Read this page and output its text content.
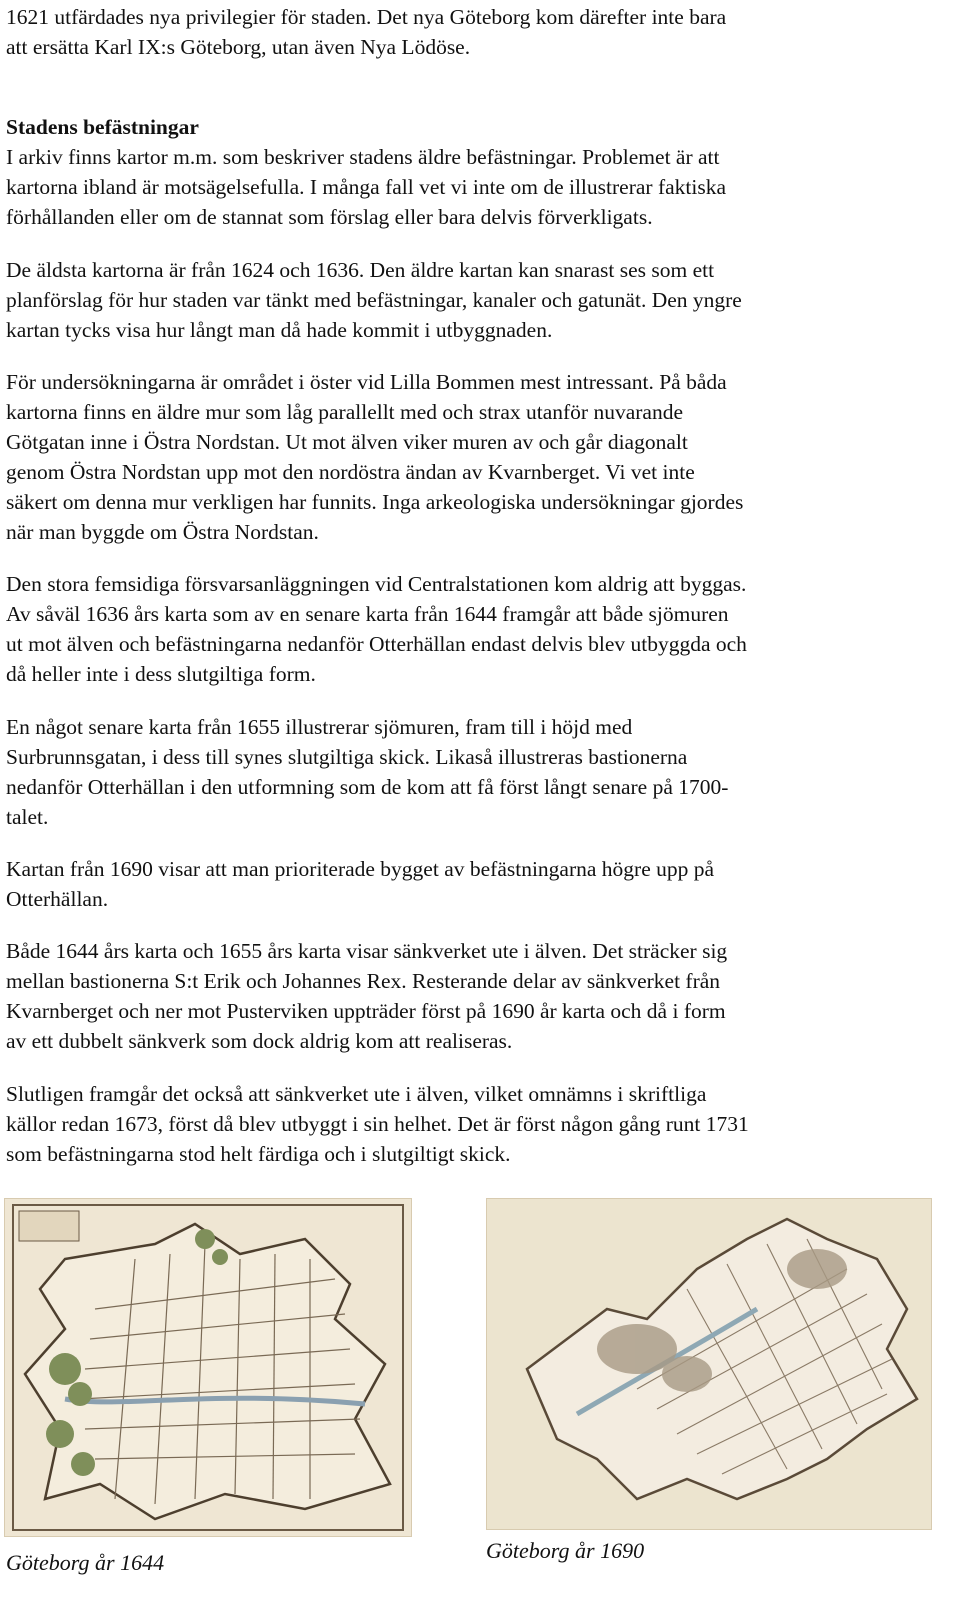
1621 utfärdades nya privilegier för staden. Det nya Göteborg kom därefter inte bara
att ersätta Karl IX:s Göteborg, utan även Nya Lödöse.
Stadens befästningar
I arkiv finns kartor m.m. som beskriver stadens äldre befästningar. Problemet är att
kartorna ibland är motsägelsefulla. I många fall vet vi inte om de illustrerar faktiska
förhållanden eller om de stannat som förslag eller bara delvis förverkligats.
De äldsta kartorna är från 1624 och 1636. Den äldre kartan kan snarast ses som ett
planförslag för hur staden var tänkt med befästningar, kanaler och gatunät. Den yngre
kartan tycks visa hur långt man då hade kommit i utbyggnaden.
För undersökningarna är området i öster vid Lilla Bommen mest intressant. På båda
kartorna finns en äldre mur som låg parallellt med och strax utanför nuvarande
Götgatan inne i Östra Nordstan. Ut mot älven viker muren av och går diagonalt
genom Östra Nordstan upp mot den nordöstra ändan av Kvarnberget. Vi vet inte
säkert om denna mur verkligen har funnits. Inga arkeologiska undersökningar gjordes
när man byggde om Östra Nordstan.
Den stora femsidiga försvarsanläggningen vid Centralstationen kom aldrig att byggas.
Av såväl 1636 års karta som av en senare karta från 1644 framgår att både sjömuren
ut mot älven och befästningarna nedanför Otterhällan endast delvis blev utbyggda och
då heller inte i dess slutgiltiga form.
En något senare karta från 1655 illustrerar sjömuren, fram till i höjd med
Surbrunnsgatan, i dess till synes slutgiltiga skick. Likaså illustreras bastionerna
nedanför Otterhällan i den utformning som de kom att få först långt senare på 1700-
talet.
Kartan från 1690 visar att man prioriterade bygget av befästningarna högre upp på
Otterhällan.
Både 1644 års karta och 1655 års karta visar sänkverket ute i älven. Det sträcker sig
mellan bastionerna S:t Erik och Johannes Rex. Resterande delar av sänkverket från
Kvarnberget och ner mot Pusterviken uppträder först på 1690 år karta och då i form
av ett dubbelt sänkverk som dock aldrig kom att realiseras.
Slutligen framgår det också att sänkverket ute i älven, vilket omnämns i skriftliga
källor redan 1673, först då blev utbyggt i sin helhet. Det är först någon gång runt 1731
som befästningarna stod helt färdiga och i slutgiltigt skick.
Göteborg år 1644	Göteborg år 1690
